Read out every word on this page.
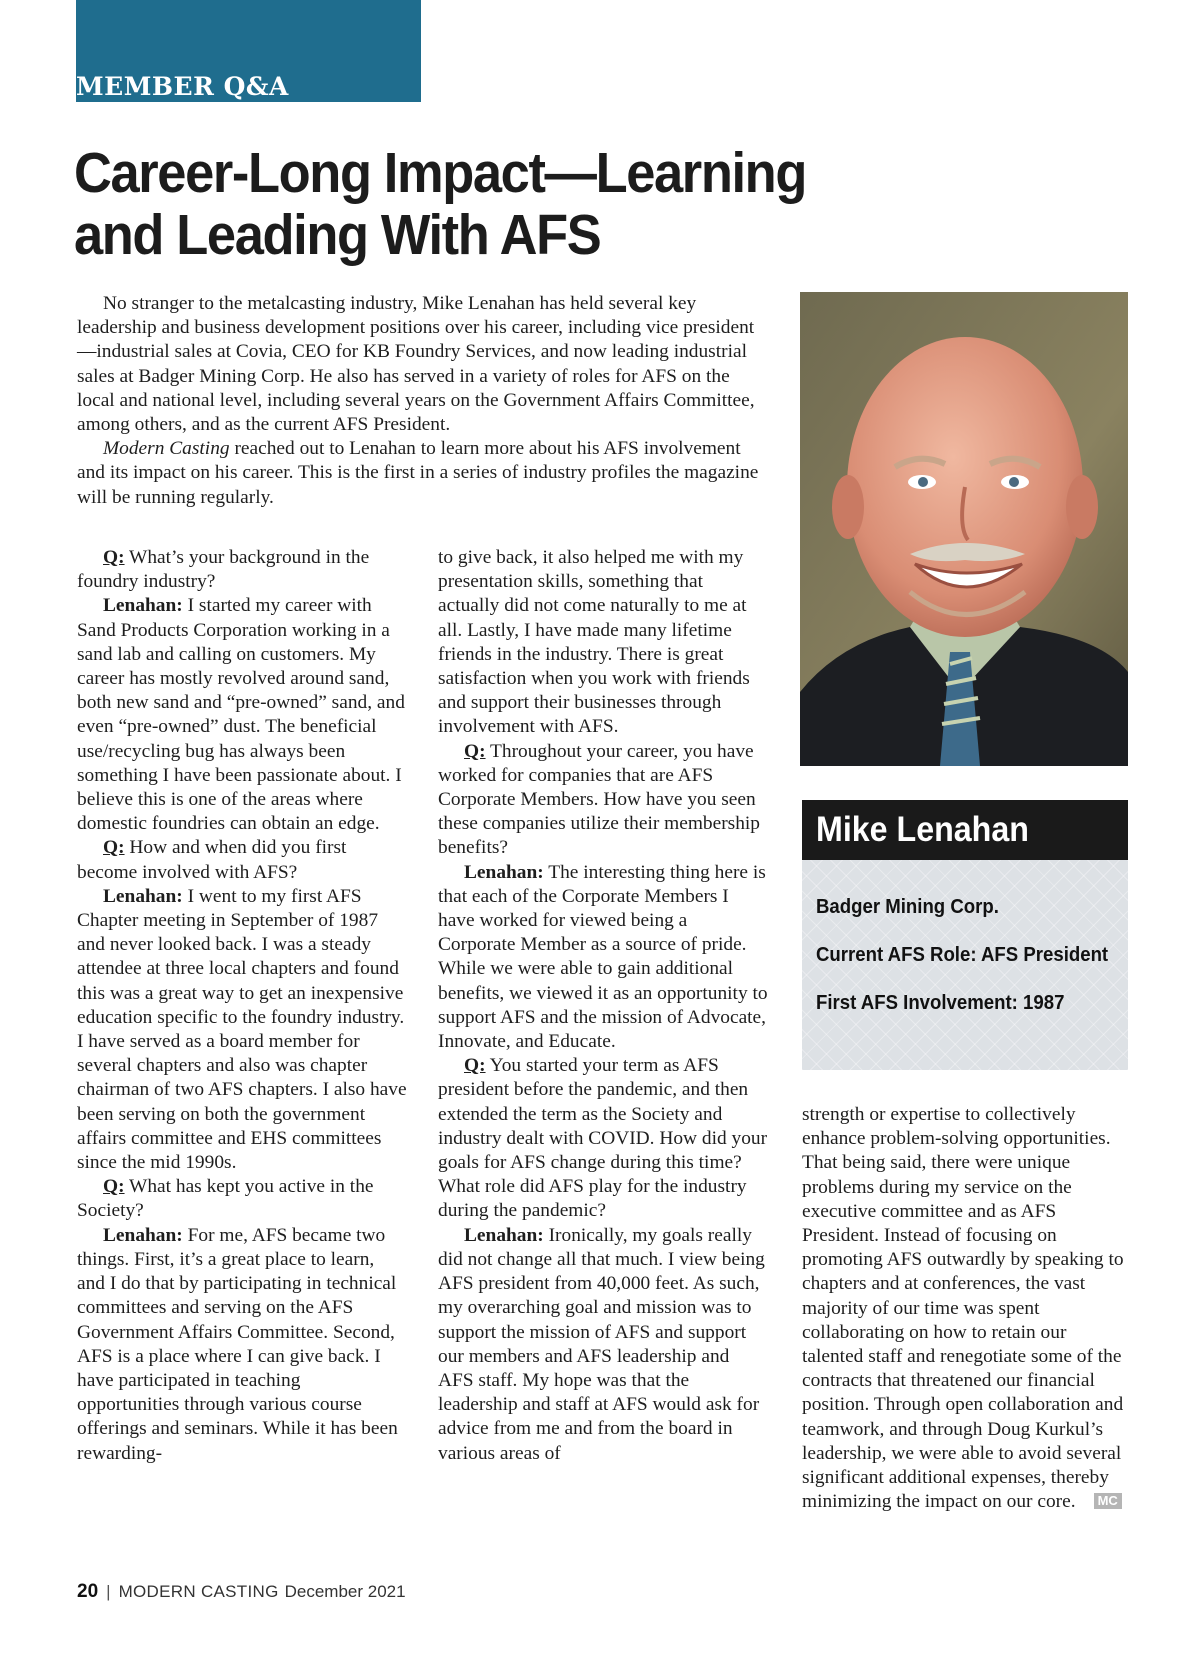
MEMBER Q&A
Career-Long Impact—Learning and Leading With AFS

No stranger to the metalcasting industry, Mike Lenahan has held several key leadership and business development positions over his career, including vice president—industrial sales at Covia, CEO for KB Foundry Services, and now leading industrial sales at Badger Mining Corp. He also has served in a variety of roles for AFS on the local and national level, including several years on the Government Affairs Committee, among others, and as the current AFS President.

Modern Casting reached out to Lenahan to learn more about his AFS involvement and its impact on his career. This is the first in a series of industry profiles the magazine will be running regularly.

Q: What’s your background in the foundry industry?

Lenahan: I started my career with Sand Products Corporation working in a sand lab and calling on customers. My career has mostly revolved around sand, both new sand and “pre-owned” sand, and even “pre-owned” dust. The beneficial use/recycling bug has always been something I have been passionate about. I believe this is one of the areas where domestic foundries can obtain an edge.

Q: How and when did you first become involved with AFS?

Lenahan: I went to my first AFS Chapter meeting in September of 1987 and never looked back. I was a steady attendee at three local chapters and found this was a great way to get an inexpensive education specific to the foundry industry. I have served as a board member for several chapters and also was chapter chairman of two AFS chapters. I also have been serving on both the government affairs committee and EHS committees since the mid 1990s.

Q: What has kept you active in the Society?

Lenahan: For me, AFS became two things. First, it’s a great place to learn, and I do that by participating in technical committees and serving on the AFS Government Affairs Committee. Second, AFS is a place where I can give back. I have participated in teaching opportunities through various course offerings and seminars. While it has been rewarding-

to give back, it also helped me with my presentation skills, something that actually did not come naturally to me at all. Lastly, I have made many lifetime friends in the industry. There is great satisfaction when you work with friends and support their businesses through involvement with AFS.

Q: Throughout your career, you have worked for companies that are AFS Corporate Members. How have you seen these companies utilize their membership benefits?

Lenahan: The interesting thing here is that each of the Corporate Members I have worked for viewed being a Corporate Member as a source of pride. While we were able to gain additional benefits, we viewed it as an opportunity to support AFS and the mission of Advocate, Innovate, and Educate.

Q: You started your term as AFS president before the pandemic, and then extended the term as the Society and industry dealt with COVID. How did your goals for AFS change during this time? What role did AFS play for the industry during the pandemic?

Lenahan: Ironically, my goals really did not change all that much. I view being AFS president from 40,000 feet. As such, my overarching goal and mission was to support the mission of AFS and support our members and AFS leadership and AFS staff. My hope was that the leadership and staff at AFS would ask for advice from me and from the board in various areas of

Mike Lenahan
Badger Mining Corp.
Current AFS Role: AFS President
First AFS Involvement: 1987

strength or expertise to collectively enhance problem-solving opportunities. That being said, there were unique problems during my service on the executive committee and as AFS President. Instead of focusing on promoting AFS outwardly by speaking to chapters and at conferences, the vast majority of our time was spent collaborating on how to retain our talented staff and renegotiate some of the contracts that threatened our financial position. Through open collaboration and teamwork, and through Doug Kurkul’s leadership, we were able to avoid several significant additional expenses, thereby minimizing the impact on our core. MC

20 | MODERN CASTING December 2021
